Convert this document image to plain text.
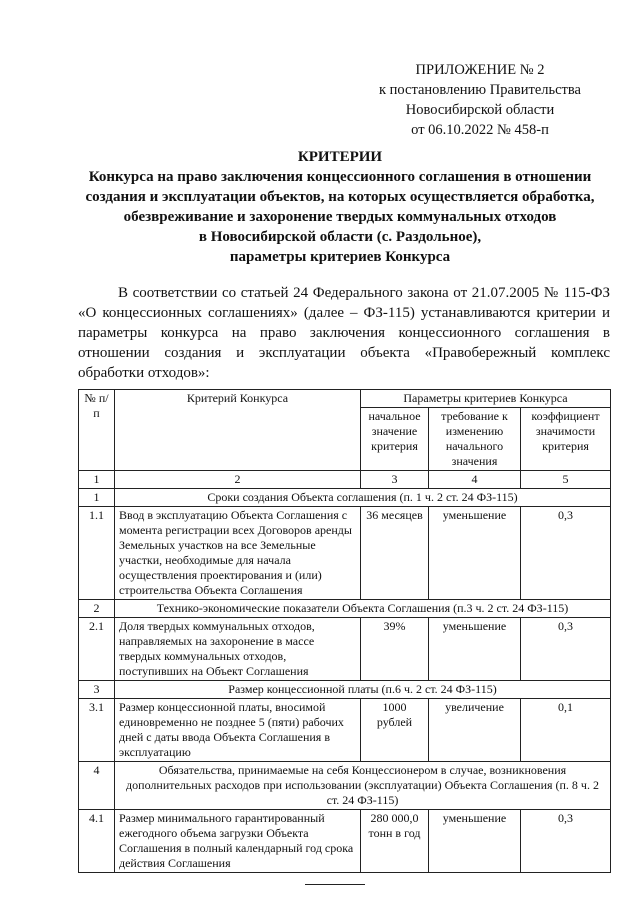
ПРИЛОЖЕНИЕ № 2
к постановлению Правительства
Новосибирской области
от 06.10.2022 № 458-п
КРИТЕРИИ
Конкурса на право заключения концессионного соглашения в отношении
создания и эксплуатации объектов, на которых осуществляется обработка,
обезвреживание и захоронение твердых коммунальных отходов
в Новосибирской области (с. Раздольное),
параметры критериев Конкурса

В соответствии со статьей 24 Федерального закона от 21.07.2005 № 115-ФЗ «О концессионных соглашениях» (далее – ФЗ-115) устанавливаются критерии и параметры конкурса на право заключения концессионного соглашения в отношении создания и эксплуатации объекта «Правобережный комплекс обработки отходов»:

№ п/п	Критерий Конкурса	Параметры критериев Конкурса		
		начальное значение критерия	требование к изменению начального значения	коэффициент значимости критерия
1	2	3	4	5
1	Сроки создания Объекта соглашения (п. 1 ч. 2 ст. 24 ФЗ-115)			
1.1	Ввод в эксплуатацию Объекта Соглашения с момента регистрации всех Договоров аренды Земельных участков на все Земельные участки, необходимые для начала осуществления проектирования и (или) строительства Объекта Соглашения	36 месяцев	уменьшение	0,3
2	Технико-экономические показатели Объекта Соглашения (п.3 ч. 2 ст. 24 ФЗ-115)			
2.1	Доля твердых коммунальных отходов, направляемых на захоронение в массе твердых коммунальных отходов, поступивших на Объект Соглашения	39%	уменьшение	0,3
3	Размер концессионной платы (п.6 ч. 2 ст. 24 ФЗ-115)			
3.1	Размер концессионной платы, вносимой единовременно не позднее 5 (пяти) рабочих дней с даты ввода Объекта Соглашения в эксплуатацию	1000 рублей	увеличение	0,1
4	Обязательства, принимаемые на себя Концессионером в случае, возникновения дополнительных расходов при использовании (эксплуатации) Объекта Соглашения (п. 8 ч. 2 ст. 24 ФЗ-115)			
4.1	Размер минимального гарантированный ежегодного объема загрузки Объекта Соглашения в полный календарный год срока действия Соглашения	280 000,0 тонн в год	уменьшение	0,3
